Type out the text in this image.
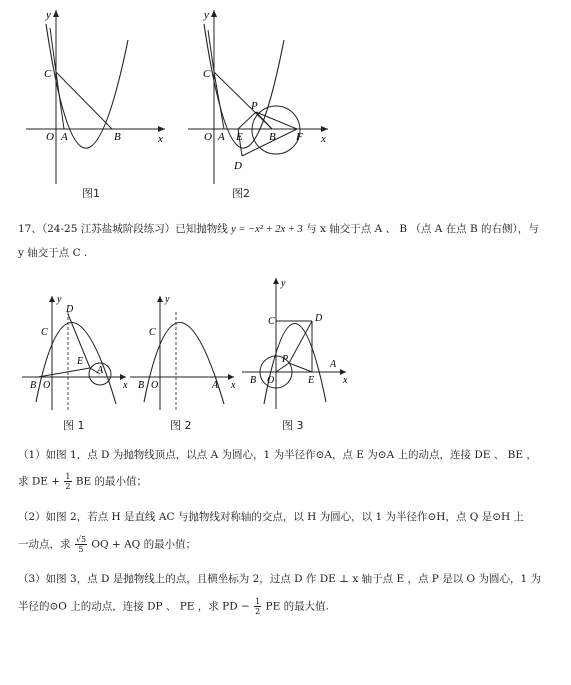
y
x
C
O A	B
图1
y
x
C
O A E B F
P
D
图2
17、（24-25 江苏盐城阶段练习）已知抛物线 y = −x² + 2x + 3 与 x 轴交于点 A 、 B （点 A 在点 B 的右侧），与
y 轴交于点 C .
y
x
C
D
E
A
B O
图 1
y
x
C
B O	A
图 2
y
x
C	D
P	A
B O	E
图 3
（1）如图 1，点 D 为抛物线顶点，以点 A 为圆心，1 为半径作⊙A，点 E 为⊙A 上的动点，连接 DE 、 BE ，
求 DE + $\frac{1}{2}$ BE 的最小值；
（2）如图 2，若点 H 是直线 AC 与抛物线对称轴的交点，以 H 为圆心，以 1 为半径作⊙H，点 Q 是⊙H 上
一动点，求 $\frac{√5}{5}$ OQ + AQ 的最小值；
（3）如图 3，点 D 是抛物线上的点，且横坐标为 2，过点 D 作 DE ⊥ x 轴于点 E ，点 P 是以 O 为圆心，1 为
半径的⊙O 上的动点，连接 DP 、 PE ，求 PD − $\frac{1}{2}$ PE 的最大值.
